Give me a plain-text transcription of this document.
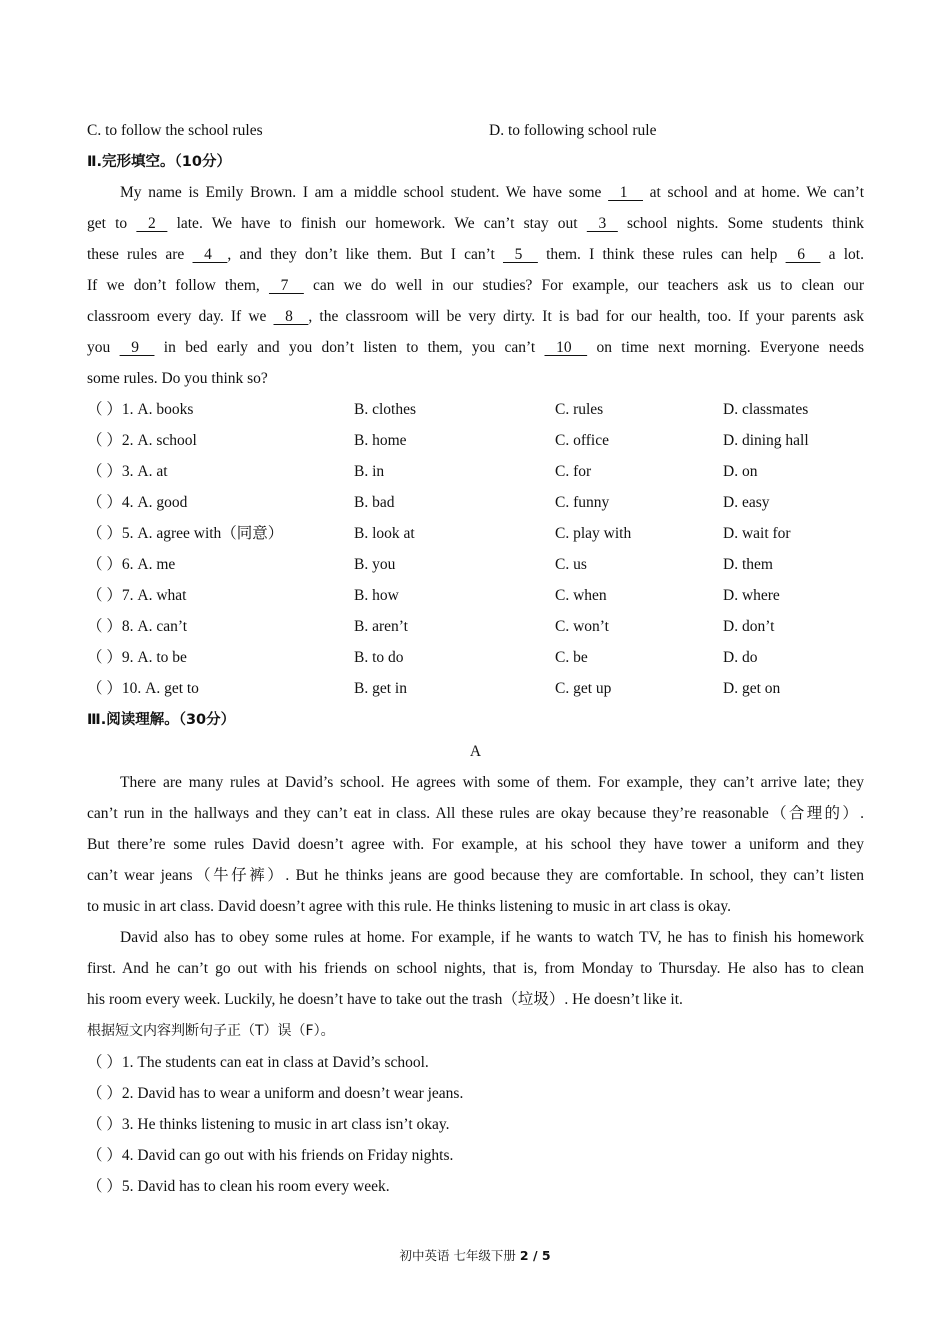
C. to follow the school rules	D. to following school rule
Ⅱ.完形填空。（10分）
My name is Emily Brown. I am a middle school student. We have some    1     at school and at home. We can’t
get to    2    late. We have to finish our homework. We can’t stay out    3    school nights. Some students think
these rules are    4    , and they don’t like them. But I can’t    5     them. I think these rules can help    6     a lot.
If we don’t follow them,    7     can we do well in our studies? For example, our teachers ask us to clean our
classroom every day. If we    8    , the classroom will be very dirty. It is bad for our health, too. If your parents ask
you    9     in bed early and you don’t listen to them, you can’t    10     on time next morning. Everyone needs
some rules. Do you think so?
（ ）1. A. books	B. clothes	C. rules	D. classmates
（ ）2. A. school	B. home	C. office	D. dining hall
（ ）3. A. at	B. in	C. for	D. on
（ ）4. A. good	B. bad	C. funny	D. easy
（ ）5. A. agree with（同意）	B. look at	C. play with	D. wait for
（ ）6. A. me	B. you	C. us	D. them
（ ）7. A. what	B. how	C. when	D. where
（ ）8. A. can’t	B. aren’t	C. won’t	D. don’t
（ ）9. A. to be	B. to do	C. be	D. do
（ ）10. A. get to	B. get in	C. get up	D. get on
Ⅲ.阅读理解。（30分）
A
There are many rules at David’s school. He agrees with some of them. For example, they can’t arrive late; they
can’t run in the hallways and they can’t eat in class. All these rules are okay because they’re reasonable（合理的）.
But there’re some rules David doesn’t agree with. For example, at his school they have tower a uniform and they
can’t wear jeans（牛仔裤）. But he thinks jeans are good because they are comfortable. In school, they can’t listen
to music in art class. David doesn’t agree with this rule. He thinks listening to music in art class is okay.
David also has to obey some rules at home. For example, if he wants to watch TV, he has to finish his homework
first. And he can’t go out with his friends on school nights, that is, from Monday to Thursday. He also has to clean
his room every week. Luckily, he doesn’t have to take out the trash（垃圾）. He doesn’t like it.
根据短文内容判断句子正（T）误（F）。
（ ）1. The students can eat in class at David’s school.
（ ）2. David has to wear a uniform and doesn’t wear jeans.
（ ）3. He thinks listening to music in art class isn’t okay.
（ ）4. David can go out with his friends on Friday nights.
（ ）5. David has to clean his room every week.
初中英语 七年级下册 2 / 5
